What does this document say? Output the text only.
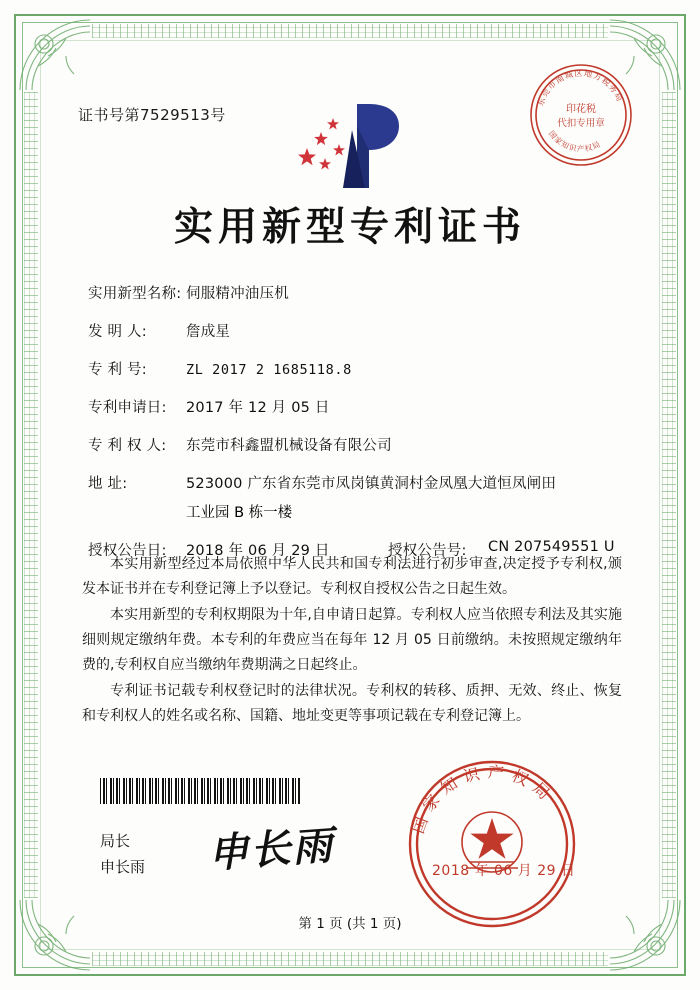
证书号第7529513号
东莞市南城区地方税务局
国家知识产权局
印花税
代扣专用章
实用新型专利证书
实用新型名称: 伺服精冲油压机
发 明 人:	詹成星
专 利 号:	ZL 2017 2 1685118.8
专利申请日:	2017 年 12 月 05 日
专 利 权 人:	东莞市科鑫盟机械设备有限公司
地 址:	523000 广东省东莞市凤岗镇黄洞村金凤凰大道恒凤闸田
工业园 B 栋一楼
授权公告日:	2018 年 06 月 29 日	授权公告号:	CN 207549551 U

本实用新型经过本局依照中华人民共和国专利法进行初步审查,决定授予专利权,颁发本证书并在专利登记簿上予以登记。专利权自授权公告之日起生效。

本实用新型的专利权期限为十年,自申请日起算。专利权人应当依照专利法及其实施细则规定缴纳年费。本专利的年费应当在每年 12 月 05 日前缴纳。未按照规定缴纳年费的,专利权自应当缴纳年费期满之日起终止。

专利证书记载专利权登记时的法律状况。专利权的转移、质押、无效、终止、恢复和专利权人的姓名或名称、国籍、地址变更等事项记载在专利登记簿上。

局长
申长雨 申长雨	国家知识产权局
2018 年 06 月 29 日
第 1 页 (共 1 页)
